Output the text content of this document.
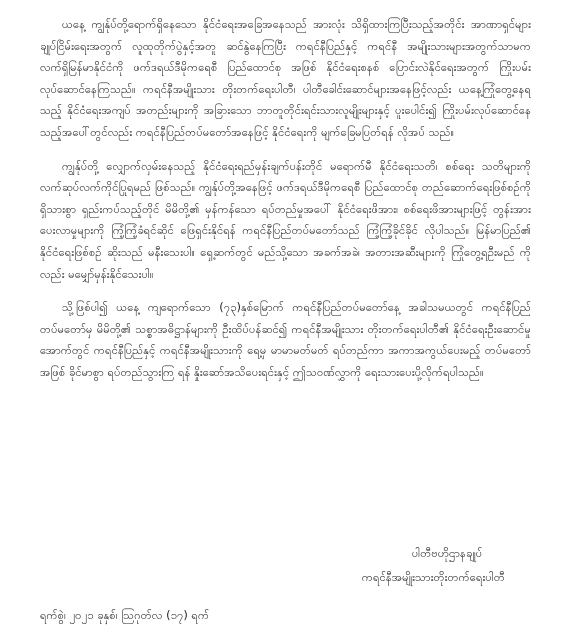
ယနေ့ ကျွန်ုပ်တို့ရောက်ရှိနေသော နိုင်ငံရေးအခြေအနေသည် အားလုံး သိရှိထားကြပြီးသည့်အတိုင်း အာဏာရှင်များ ချုပ်ငြိမ်းရေးအတွက် လူထုတိုက်ပွဲနှင့်အတူ ဆင်နွဲနေကြပြီး ကရင်နီပြည်နှင့် ကရင်နီ အမျိုးသားများအတွက်သာမက လက်ရှိမြန်မာနိုင်ငံကို ဖက်ဒရယ်ဒီမိုကရေစီ ပြည်ထောင်စု အဖြစ် နိုင်ငံရေးစနစ် ပြောင်းလဲနိုင်ရေးအတွက် ကြိုးပမ်းလုပ်ဆောင်နေကြသည်။ ကရင်နီအမျိုးသား တိုးတက်ရေးပါတီ၊ ပါတီခေါင်းဆောင်များအနေဖြင့်လည်း ယနေ့ကြုံတွေ့နေရသည့် နိုင်ငံရေးအကျပ် အတည်းများကို အခြားသော ဘာတူတိုင်းရင်းသားလူမျိုးများနှင့် ပူးပေါင်း၍ ကြိုးပမ်းလုပ်ဆောင်နေ သည့်အပေါ်တွင်လည်း ကရင်နီပြည်တပ်မတော်အနေဖြင့် နိုင်ငံရေးကို မျက်ခြေမပြတ်ရန် လိုအပ် သည်။

ကျွန်ုပ်တို့ လျှောက်လှမ်းနေသည့် နိုင်ငံရေးရည်မှန်းချက်ပန်းတိုင် မရောက်မီ နိုင်ငံရေးသတိ၊ စစ်ရေး သတိများကို လက်ဆုပ်လက်ကိုင်ပြုရမည် ဖြစ်သည်။ ကျွန်ုပ်တို့အနေဖြင့် ဖက်ဒရယ်ဒီမိုကရေစီ ပြည်ထောင်စု တည်ဆောက်ရေးဖြစ်စဉ်ကို ရှိသားစွာ ရှည်းကပ်သည့်တိုင် မိမိတို့၏ မှန်ကန်သော ရပ်တည်မှုအပေါ် နိုင်ငံရေးဖိအား၊ စစ်ရေးဖိအားများဖြင့် တွန်းအားပေးလာမှုများကို ကြံ့ကြံ့ခံရင်ဆိုင် ဖြေရှင်းနိုင်ရန် ကရင်နီပြည်တပ်မတော်သည် ကြံ့ကြံ့ခိုင်ခိုင် လိုပါသည်။ မြန်မာပြည်၏ နိုင်ငံရေးဖြစ်စဉ် ဆိုးသည် မနီးသေးပါ။ ရှေ့ဆက်တွင် မည်သို့သော အခက်အခဲ၊ အတားအဆီးများကို ကြုံတွေ့ရဦးမည် ကိုလည်း မမျှော်မှန်းနိုင်သေးပါ။

သို့ဖြစ်ပါ၍ ယနေ့ ကျရောက်သော (၇၃)နှစ်မြောက် ကရင်နီပြည်တပ်မတော်နေ့ အခါသမယတွင် ကရင်နီပြည်တပ်မတော်မှ မိမိတို့၏ သစ္စာအဓိဋ္ဌာန်များကို ဦးထိပ်ပန်ဆင်၍ ကရင်နီအမျိုးသား တိုးတက်ရေးပါတီ၏ နိုင်ငံရေးဦးဆောင်မှုအောက်တွင် ကရင်နီပြည်နှင့် ကရင်နီအမျိုးသားကို ရေ့မှ မာမာမတ်မတ် ရပ်တည်ကာ အကာအကွယ်ပေးမည့် တပ်မတော်အဖြစ် ခိုင်မာစွာ ရပ်တည်သွားကြ ရန် နှိုးဆော်အသိပေးရင်းနှင့် ဤသဝဏ်လွှာကို ရေးသားပေးပို့လိုက်ရပါသည်။

ပါတီဗဟိုဌာနချုပ်
ကရင်နီအမျိုးသားတိုးတက်ရေးပါတီ
ရက်စွဲ၊ ၂၀၂၁ ခုနှစ်၊ ဩဂုတ်လ (၁၇) ရက်
